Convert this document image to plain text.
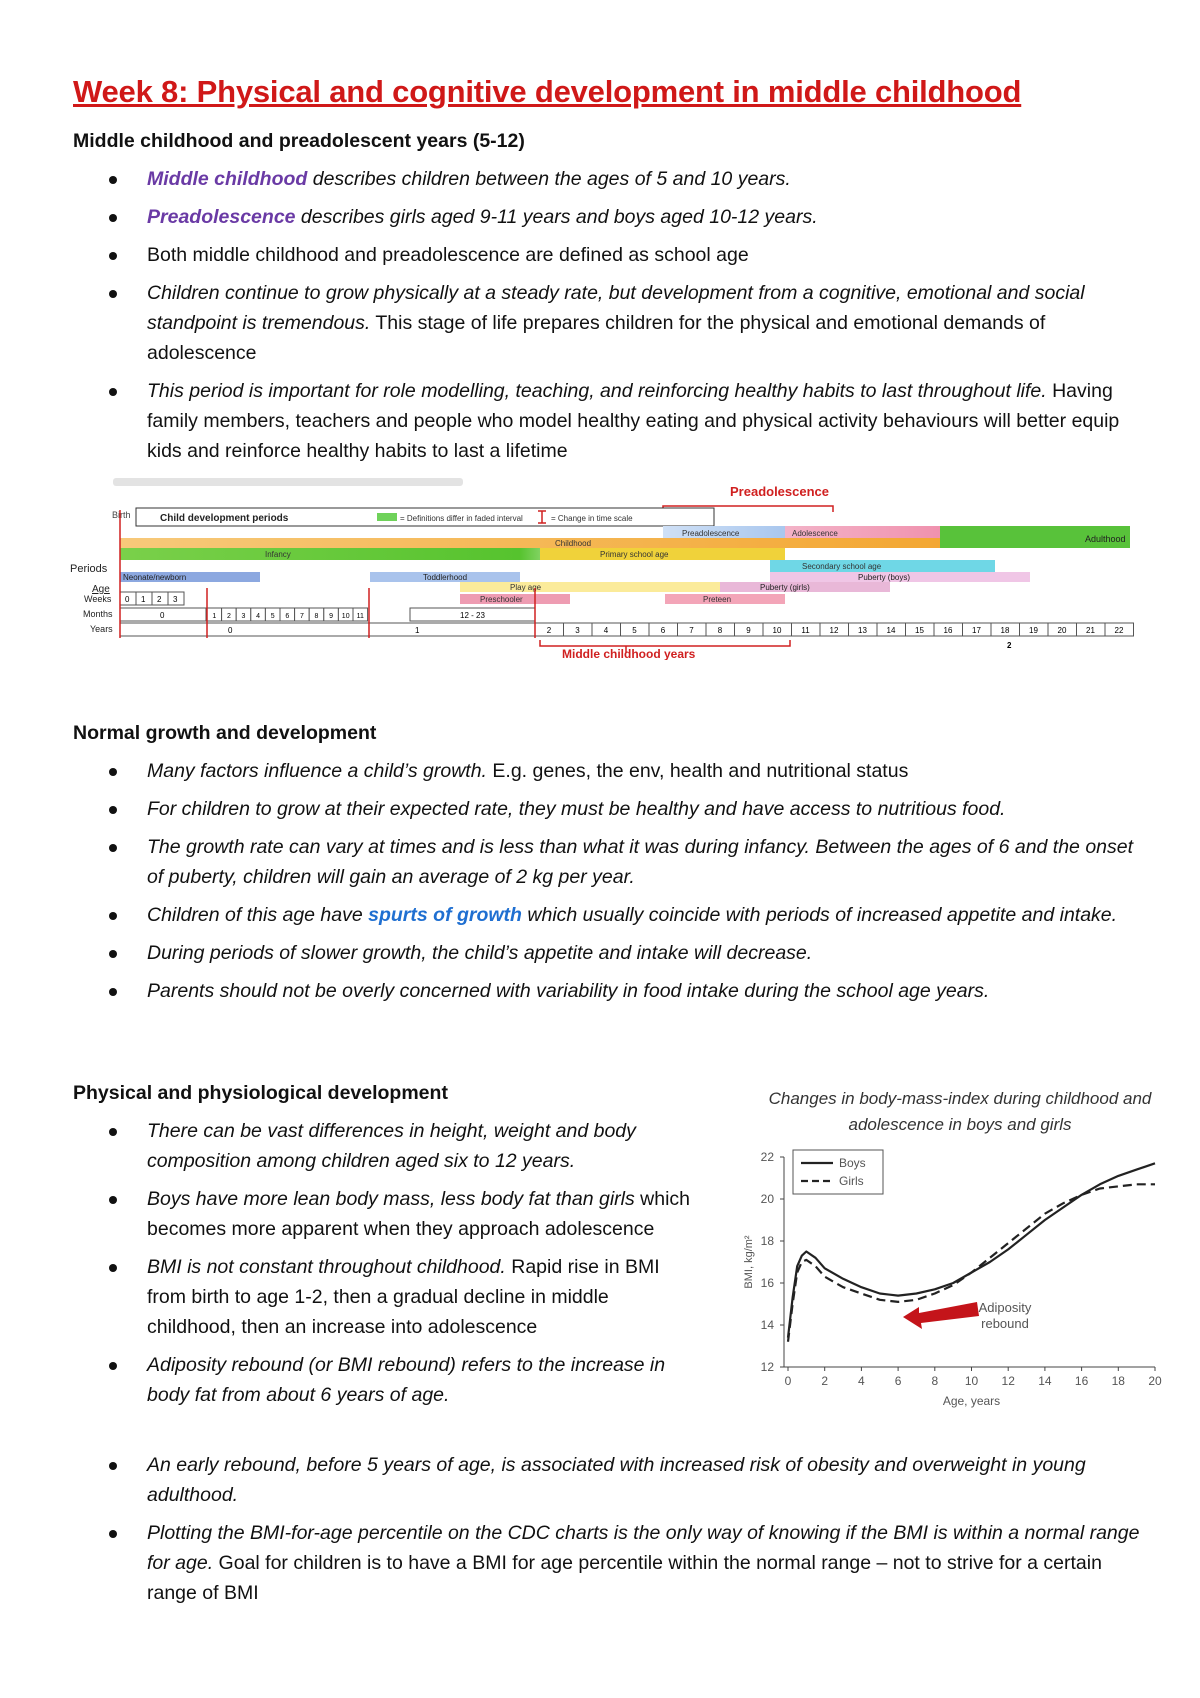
Week 8: Physical and cognitive development in middle childhood
Middle childhood and preadolescent years (5-12)
Middle childhood describes children between the ages of 5 and 10 years.
Preadolescence describes girls aged 9-11 years and boys aged 10-12 years.
Both middle childhood and preadolescence are defined as school age
Children continue to grow physically at a steady rate, but development from a cognitive, emotional and social standpoint is tremendous. This stage of life prepares children for the physical and emotional demands of adolescence
This period is important for role modelling, teaching, and reinforcing healthy habits to last throughout life. Having family members, teachers and people who model healthy eating and physical activity behaviours will better equip kids and reinforce healthy habits to last a lifetime
Preadolescence
Birth	Child development periods	= Definitions differ in faded interval	= Change in time scale
Periods
Age
Weeks
Months
Years
Preadolescence	Adolescence
Adulthood
Childhood
Infancy	Primary school age
Secondary school age
Neonate/newborn	Toddlerhood	Puberty (boys)
Play age	Puberty (girls)
Preschooler	Preteen
0 1 2 3
0	12 - 23
1 2 3 4 5 6 7 8 9 10 11
0	1
2
2	3	4	5	6	7	8	9	10 11 12 13 14 15 16 17 18 19 20 21 22
Middle childhood years
Normal growth and development
Many factors influence a child’s growth. E.g. genes, the env, health and nutritional status
For children to grow at their expected rate, they must be healthy and have access to nutritious food.
The growth rate can vary at times and is less than what it was during infancy. Between the ages of 6 and the onset of puberty, children will gain an average of 2 kg per year.
Children of this age have spurts of growth which usually coincide with periods of increased appetite and intake.
During periods of slower growth, the child’s appetite and intake will decrease.
Parents should not be overly concerned with variability in food intake during the school age years.
Physical and physiological development
There can be vast differences in height, weight and body composition among children aged six to 12 years.
Boys have more lean body mass, less body fat than girls which becomes more apparent when they approach adolescence
BMI is not constant throughout childhood. Rapid rise in BMI from birth to age 1-2, then a gradual decline in middle childhood, then an increase into adolescence
Adiposity rebound (or BMI rebound) refers to the increase in body fat from about 6 years of age.
An early rebound, before 5 years of age, is associated with increased risk of obesity and overweight in young adulthood.
Plotting the BMI-for-age percentile on the CDC charts is the only way of knowing if the BMI is within a normal range for age. Goal for children is to have a BMI for age percentile within the normal range – not to strive for a certain range of BMI
Changes in body-mass-index during childhood and
adolescence in boys and girls
0	2	4	6	8 10 12 14 16 18 20
12
14
16
18
20
22
Age, years
BMI, kg/m²
Boys
Girls
Adiposity
rebound
